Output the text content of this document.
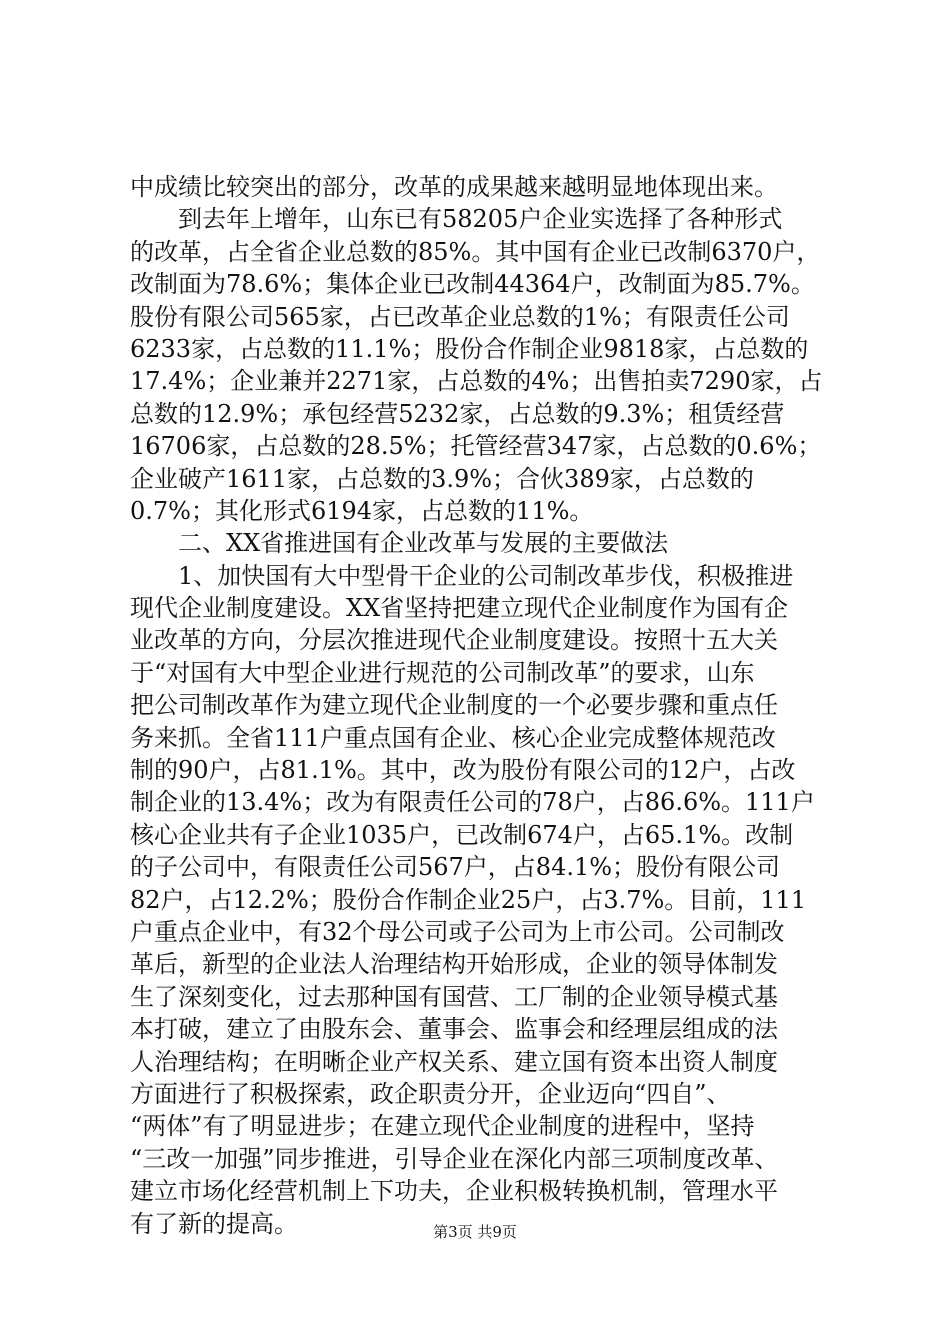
中成绩比较突出的部分，改革的成果越来越明显地体现出来。
到去年上增年，山东已有58205户企业实选择了各种形式
的改革，占全省企业总数的85%。其中国有企业已改制6370户，
改制面为78.6%；集体企业已改制44364户，改制面为85.7%。
股份有限公司565家，占已改革企业总数的1%；有限责任公司
6233家，占总数的11.1%；股份合作制企业9818家，占总数的
17.4%；企业兼并2271家，占总数的4%；出售拍卖7290家，占
总数的12.9%；承包经营5232家，占总数的9.3%；租赁经营
16706家，占总数的28.5%；托管经营347家，占总数的0.6%；
企业破产1611家，占总数的3.9%；合伙389家，占总数的
0.7%；其化形式6194家，占总数的11%。
二、XX省推进国有企业改革与发展的主要做法
1、加快国有大中型骨干企业的公司制改革步伐，积极推进
现代企业制度建设。XX省坚持把建立现代企业制度作为国有企
业改革的方向，分层次推进现代企业制度建设。按照十五大关
于“对国有大中型企业进行规范的公司制改革”的要求，山东
把公司制改革作为建立现代企业制度的一个必要步骤和重点任
务来抓。全省111户重点国有企业、核心企业完成整体规范改
制的90户，占81.1%。其中，改为股份有限公司的12户，占改
制企业的13.4%；改为有限责任公司的78户，占86.6%。111户
核心企业共有子企业1035户，已改制674户，占65.1%。改制
的子公司中，有限责任公司567户，占84.1%；股份有限公司
82户，占12.2%；股份合作制企业25户，占3.7%。目前，111
户重点企业中，有32个母公司或子公司为上市公司。公司制改
革后，新型的企业法人治理结构开始形成，企业的领导体制发
生了深刻变化，过去那种国有国营、工厂制的企业领导模式基
本打破，建立了由股东会、董事会、监事会和经理层组成的法
人治理结构；在明晰企业产权关系、建立国有资本出资人制度
方面进行了积极探索，政企职责分开，企业迈向“四自”、
“两体”有了明显进步；在建立现代企业制度的进程中，坚持
“三改一加强”同步推进，引导企业在深化内部三项制度改革、
建立市场化经营机制上下功夫，企业积极转换机制，管理水平
有了新的提高。	第3页 共9页
